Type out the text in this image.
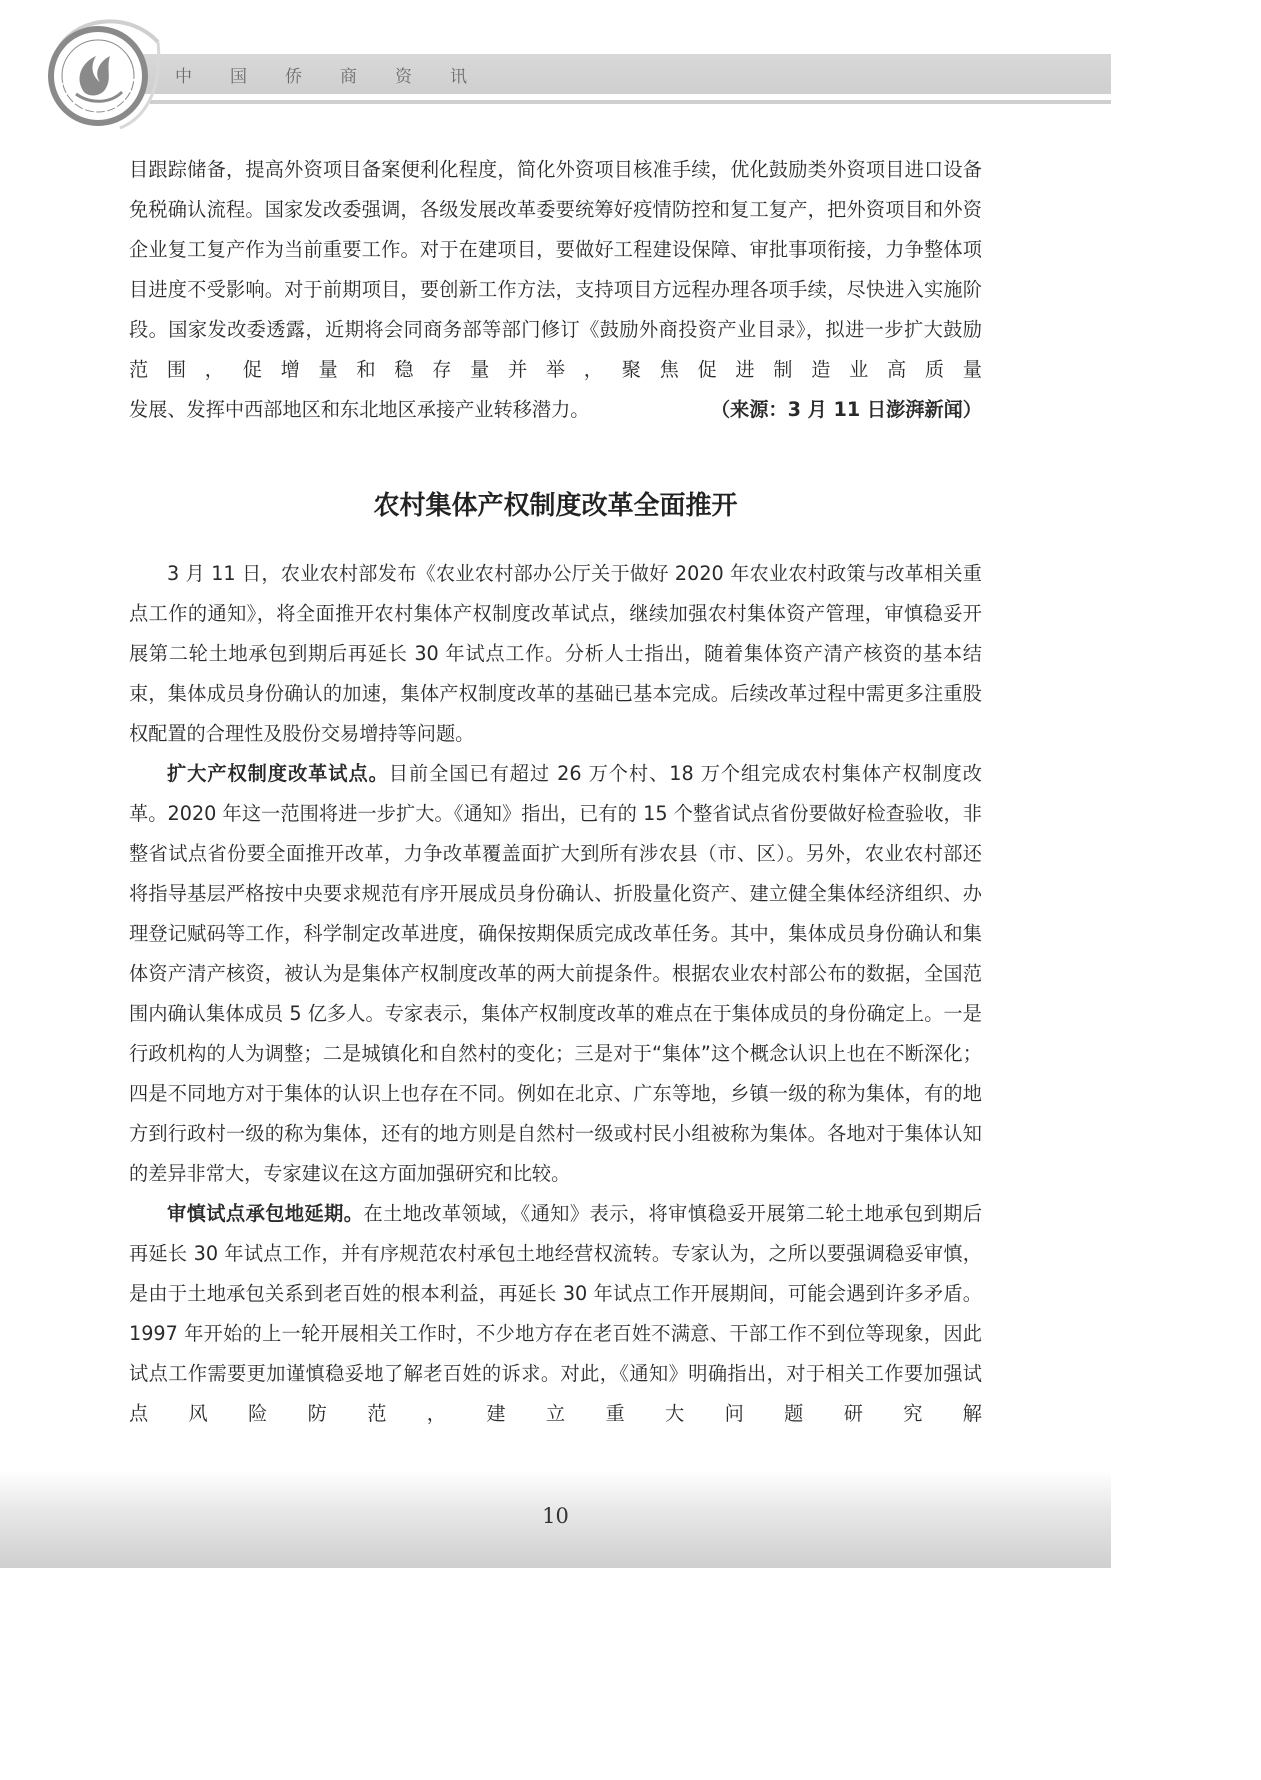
中国侨商资讯

目跟踪储备，提高外资项目备案便利化程度，简化外资项目核准手续，优化鼓励类外资项目进口设备免税确认流程。国家发改委强调，各级发展改革委要统筹好疫情防控和复工复产，把外资项目和外资企业复工复产作为当前重要工作。对于在建项目，要做好工程建设保障、审批事项衔接，力争整体项目进度不受影响。对于前期项目，要创新工作方法，支持项目方远程办理各项手续，尽快进入实施阶段。国家发改委透露，近期将会同商务部等部门修订《鼓励外商投资产业目录》，拟进一步扩大鼓励范围，促增量和稳存量并举，聚焦促进制造业高质量

发展、发挥中西部地区和东北地区承接产业转移潜力。	（来源：3 月 11 日澎湃新闻）
农村集体产权制度改革全面推开

3 月 11 日，农业农村部发布《农业农村部办公厅关于做好 2020 年农业农村政策与改革相关重点工作的通知》，将全面推开农村集体产权制度改革试点，继续加强农村集体资产管理，审慎稳妥开展第二轮土地承包到期后再延长 30 年试点工作。分析人士指出，随着集体资产清产核资的基本结束，集体成员身份确认的加速，集体产权制度改革的基础已基本完成。后续改革过程中需更多注重股权配置的合理性及股份交易增持等问题。

扩大产权制度改革试点。目前全国已有超过 26 万个村、18 万个组完成农村集体产权制度改革。2020 年这一范围将进一步扩大。《通知》指出，已有的 15 个整省试点省份要做好检查验收，非整省试点省份要全面推开改革，力争改革覆盖面扩大到所有涉农县（市、区）。另外，农业农村部还将指导基层严格按中央要求规范有序开展成员身份确认、折股量化资产、建立健全集体经济组织、办理登记赋码等工作，科学制定改革进度，确保按期保质完成改革任务。其中，集体成员身份确认和集体资产清产核资，被认为是集体产权制度改革的两大前提条件。根据农业农村部公布的数据，全国范围内确认集体成员 5 亿多人。专家表示，集体产权制度改革的难点在于集体成员的身份确定上。一是行政机构的人为调整；二是城镇化和自然村的变化；三是对于“集体”这个概念认识上也在不断深化；四是不同地方对于集体的认识上也存在不同。例如在北京、广东等地，乡镇一级的称为集体，有的地方到行政村一级的称为集体，还有的地方则是自然村一级或村民小组被称为集体。各地对于集体认知的差异非常大，专家建议在这方面加强研究和比较。

审慎试点承包地延期。在土地改革领域，《通知》表示，将审慎稳妥开展第二轮土地承包到期后再延长 30 年试点工作，并有序规范农村承包土地经营权流转。专家认为，之所以要强调稳妥审慎，是由于土地承包关系到老百姓的根本利益，再延长 30 年试点工作开展期间，可能会遇到许多矛盾。1997 年开始的上一轮开展相关工作时，不少地方存在老百姓不满意、干部工作不到位等现象，因此试点工作需要更加谨慎稳妥地了解老百姓的诉求。对此，《通知》明确指出，对于相关工作要加强试点风险防范，建立重大问题研究解

10
